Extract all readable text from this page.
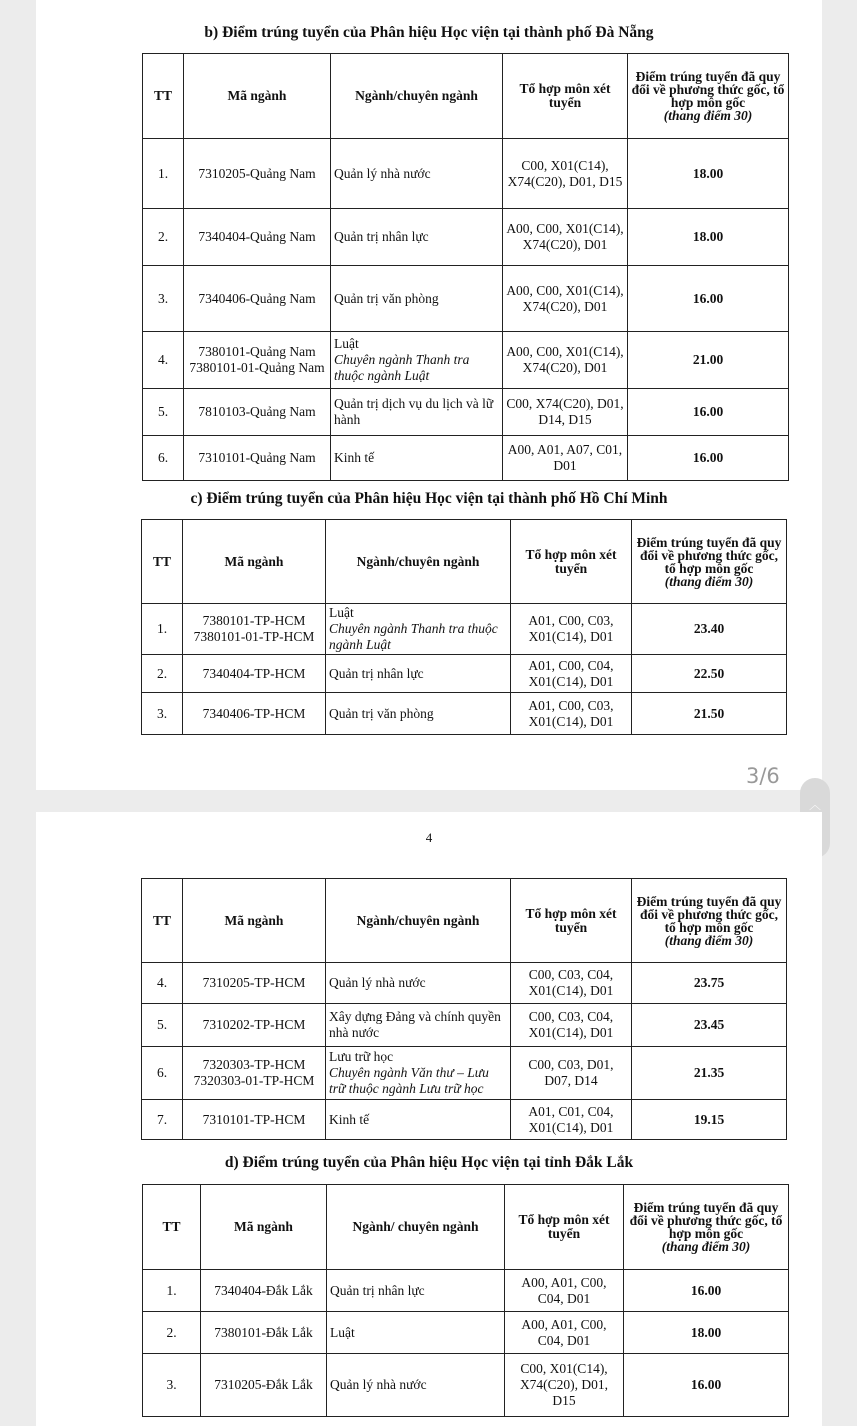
b) Điểm trúng tuyển của Phân hiệu Học viện tại thành phố Đà Nẵng
TT	Mã ngành	Ngành/chuyên ngành	Tổ hợp môn xét tuyển	Điểm trúng tuyển đã quy đổi về phương thức gốc, tổ hợp môn gốc
(thang điểm 30)

1.	7310205-Quảng Nam	Quản lý nhà nước	C00, X01(C14), X74(C20), D01, D15	18.00
2.	7340404-Quảng Nam	Quản trị nhân lực	A00, C00, X01(C14), X74(C20), D01	18.00
3.	7340406-Quảng Nam	Quản trị văn phòng	A00, C00, X01(C14), X74(C20), D01	16.00
4.	7380101-Quảng Nam 7380101-01-Quảng Nam	Luật
Chuyên ngành Thanh tra thuộc ngành Luật	A00, C00, X01(C14), X74(C20), D01	21.00
5.	7810103-Quảng Nam	Quản trị dịch vụ du lịch và lữ hành	C00, X74(C20), D01, D14, D15	16.00
6.	7310101-Quảng Nam	Kinh tế	A00, A01, A07, C01, D01	16.00
c) Điểm trúng tuyển của Phân hiệu Học viện tại thành phố Hồ Chí Minh
TT	Mã ngành	Ngành/chuyên ngành	Tổ hợp môn xét tuyển	Điểm trúng tuyển đã quy đổi về phương thức gốc, tổ hợp môn gốc
(thang điểm 30)

1.	7380101-TP-HCM 7380101-01-TP-HCM	Luật
Chuyên ngành Thanh tra thuộc ngành Luật	A01, C00, C03, X01(C14), D01	23.40
2.	7340404-TP-HCM	Quản trị nhân lực	A01, C00, C04, X01(C14), D01	22.50
3.	7340406-TP-HCM	Quản trị văn phòng	A01, C00, C03, X01(C14), D01	21.50
3/6
︿
4
TT	Mã ngành	Ngành/chuyên ngành	Tổ hợp môn xét tuyển	Điểm trúng tuyển đã quy đổi về phương thức gốc, tổ hợp môn gốc
(thang điểm 30)

4.	7310205-TP-HCM	Quản lý nhà nước	C00, C03, C04, X01(C14), D01	23.75
5.	7310202-TP-HCM	Xây dựng Đảng và chính quyền nhà nước	C00, C03, C04, X01(C14), D01	23.45
6.	7320303-TP-HCM 7320303-01-TP-HCM	Lưu trữ học
Chuyên ngành Văn thư – Lưu trữ thuộc ngành Lưu trữ học	C00, C03, D01, D07, D14	21.35
7.	7310101-TP-HCM	Kinh tế	A01, C01, C04, X01(C14), D01	19.15
d) Điểm trúng tuyển của Phân hiệu Học viện tại tỉnh Đắk Lắk
TT	Mã ngành	Ngành/ chuyên ngành	Tổ hợp môn xét tuyển	Điểm trúng tuyển đã quy đổi về phương thức gốc, tổ hợp môn gốc
(thang điểm 30)

1.	7340404-Đắk Lắk	Quản trị nhân lực	A00, A01, C00, C04, D01	16.00
2.	7380101-Đắk Lắk	Luật	A00, A01, C00, C04, D01	18.00
3.	7310205-Đắk Lắk	Quản lý nhà nước	C00, X01(C14), X74(C20), D01, D15	16.00
